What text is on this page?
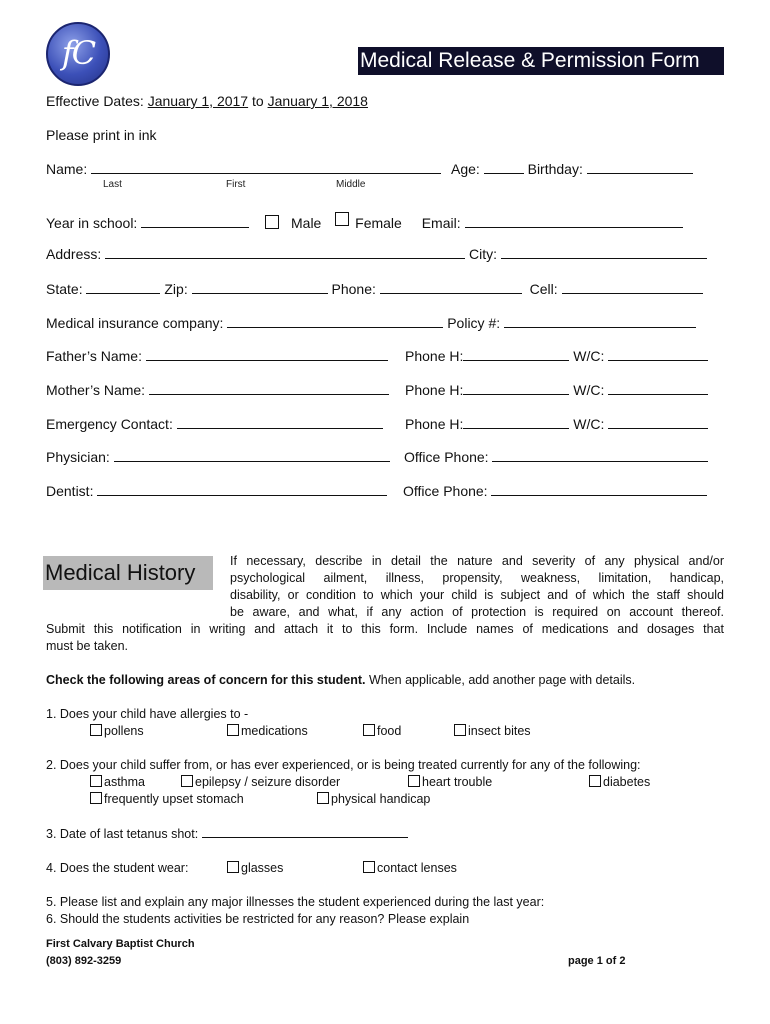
fC	Medical Release & Permission Form
Effective Dates: January 1, 2017 to January 1, 2018
Please print in ink
Name:	Age:	Birthday:
Last	First	Middle
Year in school:	Male Female Email:
Address:	City:
State:	Zip:	Phone:	Cell:
Medical insurance company:	Policy #:
Father’s Name:	Phone H:	W/C:
Mother’s Name:	Phone H:	W/C:
Emergency Contact:	Phone H:	W/C:
Physician:	Office Phone:
Dentist:	Office Phone:
Medical History	If necessary, describe in detail the nature and severity of any physical and/or
psychological ailment, illness, propensity, weakness, limitation, handicap,
disability, or condition to which your child is subject and of which the staff should
be aware, and what, if any action of protection is required on account thereof.
Submit this notification in writing and attach it to this form. Include names of medications and dosages that
must be taken.
Check the following areas of concern for this student. When applicable, add another page with details.
1. Does your child have allergies to -
pollens	medications	food	insect bites
2. Does your child suffer from, or has ever experienced, or is being treated currently for any of the following:
asthma	epilepsy / seizure disorder	heart trouble	diabetes
frequently upset stomach	physical handicap
3. Date of last tetanus shot:
4. Does the student wear:	glasses	contact lenses
5. Please list and explain any major illnesses the student experienced during the last year:
6. Should the students activities be restricted for any reason? Please explain
First Calvary Baptist Church
(803) 892-3259	page 1 of 2
